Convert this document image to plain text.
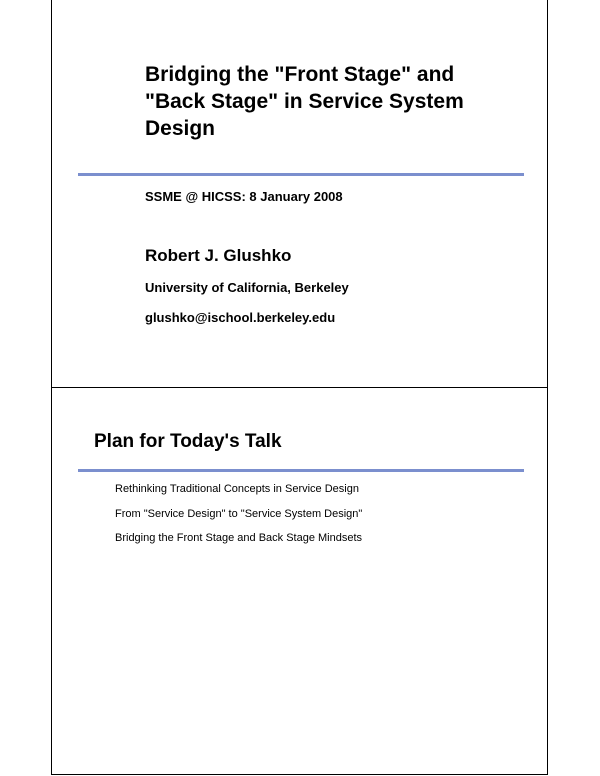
Bridging the "Front Stage" and
"Back Stage" in Service System
Design
SSME @ HICSS: 8 January 2008
Robert J. Glushko
University of California, Berkeley
glushko@ischool.berkeley.edu
Plan for Today's Talk
Rethinking Traditional Concepts in Service Design
From "Service Design" to "Service System Design"
Bridging the Front Stage and Back Stage Mindsets
